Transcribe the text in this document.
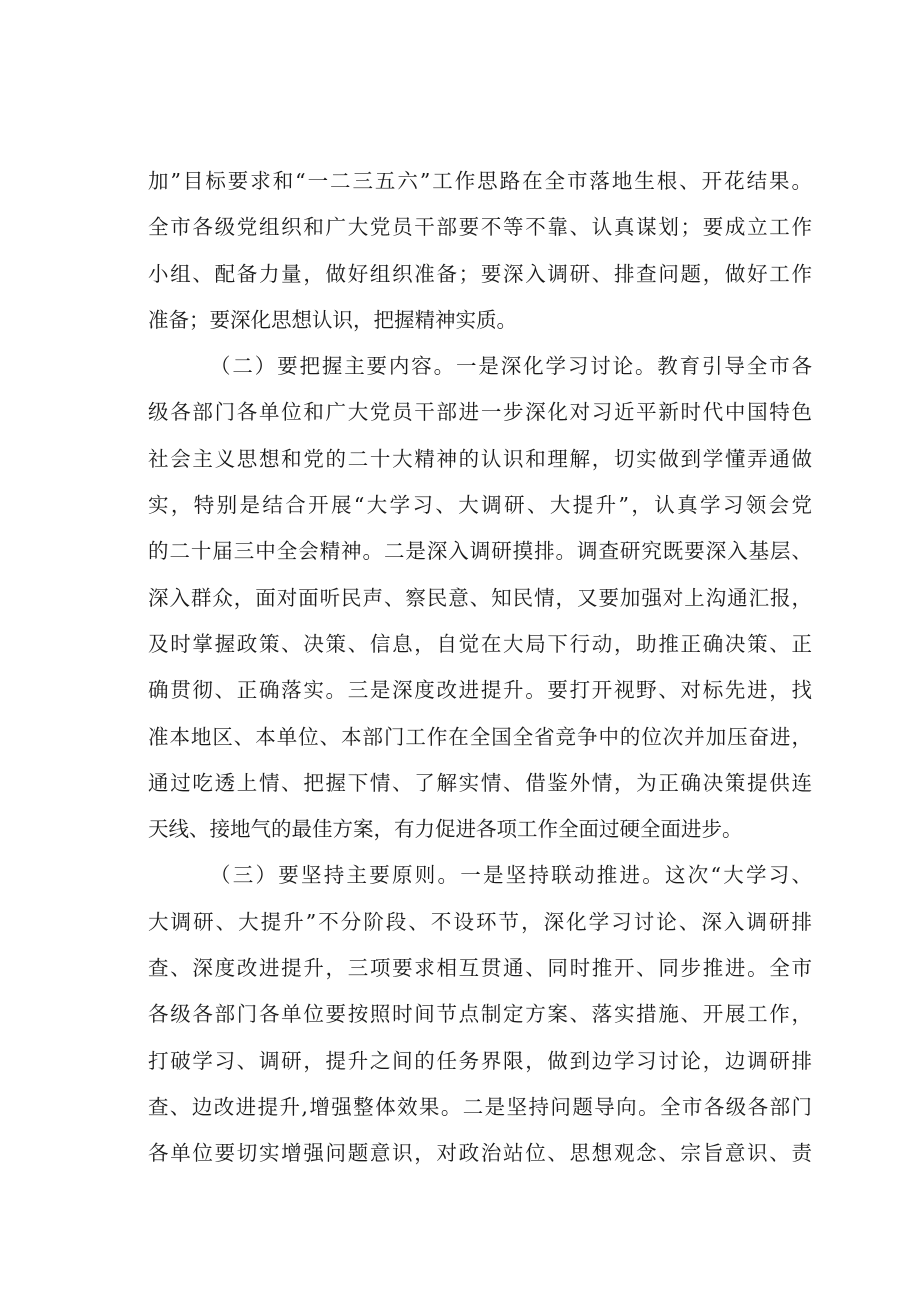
加”目标要求和“一二三五六”工作思路在全市落地生根、开花结果。
全市各级党组织和广大党员干部要不等不靠、认真谋划；要成立工作
小组、配备力量，做好组织准备；要深入调研、排查问题，做好工作
准备；要深化思想认识，把握精神实质。
（二）要把握主要内容。一是深化学习讨论。教育引导全市各
级各部门各单位和广大党员干部进一步深化对习近平新时代中国特色
社会主义思想和党的二十大精神的认识和理解，切实做到学懂弄通做
实，特别是结合开展“大学习、大调研、大提升”，认真学习领会党
的二十届三中全会精神。二是深入调研摸排。调查研究既要深入基层、
深入群众，面对面听民声、察民意、知民情，又要加强对上沟通汇报，
及时掌握政策、决策、信息，自觉在大局下行动，助推正确决策、正
确贯彻、正确落实。三是深度改进提升。要打开视野、对标先进，找
准本地区、本单位、本部门工作在全国全省竞争中的位次并加压奋进，
通过吃透上情、把握下情、了解实情、借鉴外情，为正确决策提供连
天线、接地气的最佳方案，有力促进各项工作全面过硬全面进步。
（三）要坚持主要原则。一是坚持联动推进。这次“大学习、
大调研、大提升”不分阶段、不设环节，深化学习讨论、深入调研排
查、深度改进提升，三项要求相互贯通、同时推开、同步推进。全市
各级各部门各单位要按照时间节点制定方案、落实措施、开展工作，
打破学习、调研，提升之间的任务界限，做到边学习讨论，边调研排
查、边改进提升,增强整体效果。二是坚持问题导向。全市各级各部门
各单位要切实增强问题意识，对政治站位、思想观念、宗旨意识、责
